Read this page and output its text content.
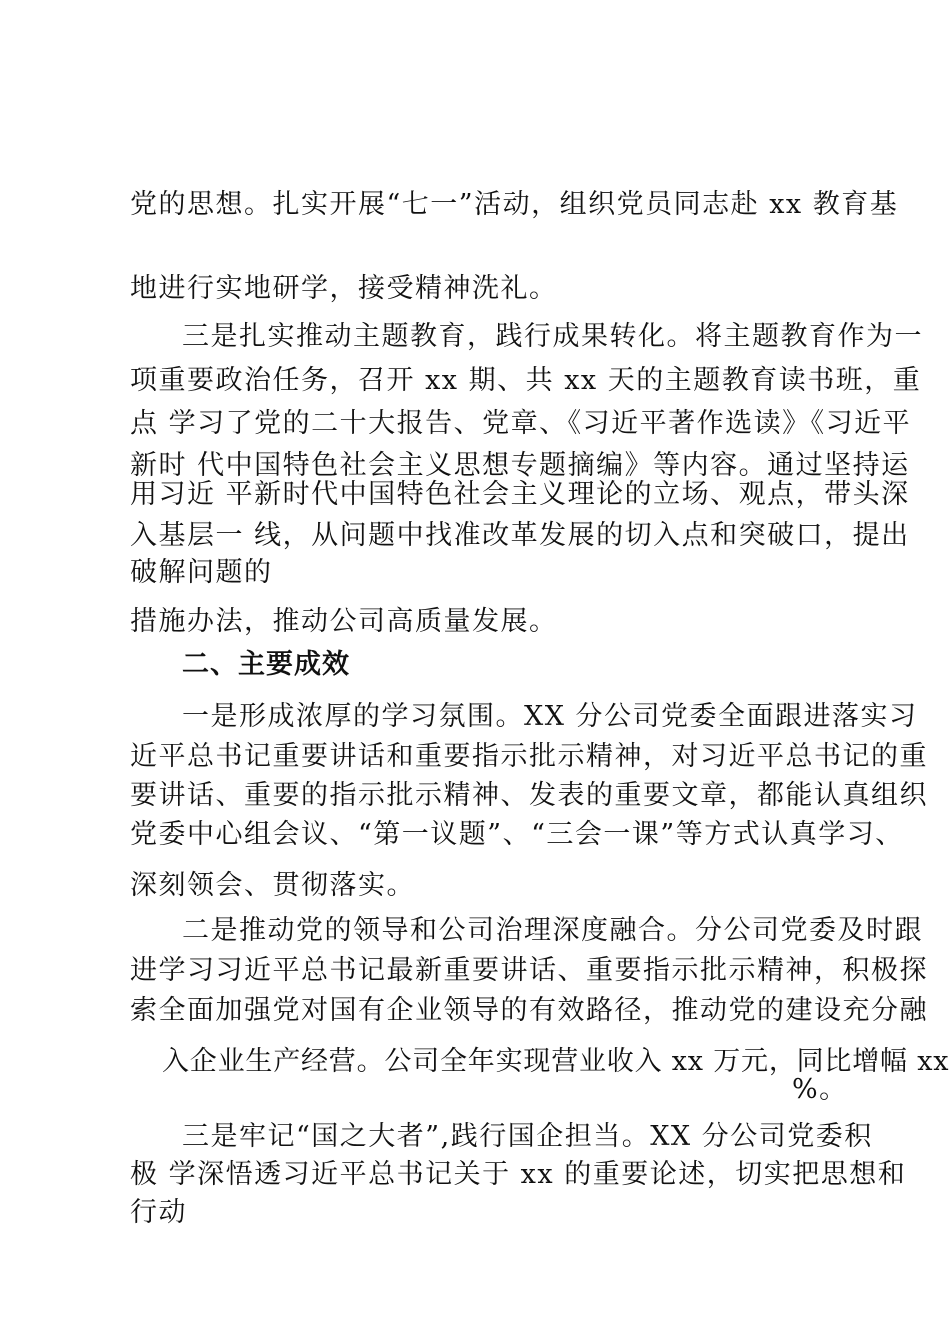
党的思想。扎实开展“七一”活动，组织党员同志赴 xx 教育基

地进行实地研学，接受精神洗礼。

三是扎实推动主题教育，践行成果转化。将主题教育作为一

项重要政治任务，召开 xx 期、共 xx 天的主题教育读书班，重

点 学习了党的二十大报告、党章、《习近平著作选读》《习近平

新时 代中国特色社会主义思想专题摘编》等内容。通过坚持运

用习近 平新时代中国特色社会主义理论的立场、观点，带头深

入基层一 线，从问题中找准改革发展的切入点和突破口，提出

破解问题的

措施办法，推动公司高质量发展。

二、主要成效

一是形成浓厚的学习氛围。XX 分公司党委全面跟进落实习

近平总书记重要讲话和重要指示批示精神，对习近平总书记的重

要讲话、重要的指示批示精神、发表的重要文章，都能认真组织

党委中心组会议、“第一议题”、“三会一课”等方式认真学习、

深刻领会、贯彻落实。

二是推动党的领导和公司治理深度融合。分公司党委及时跟

进学习习近平总书记最新重要讲话、重要指示批示精神，积极探

索全面加强党对国有企业领导的有效路径，推动党的建设充分融

入企业生产经营。公司全年实现营业收入 xx 万元，同比增幅 xx

%。

三是牢记“国之大者”,践行国企担当。XX 分公司党委积

极 学深悟透习近平总书记关于 xx 的重要论述，切实把思想和

行动
